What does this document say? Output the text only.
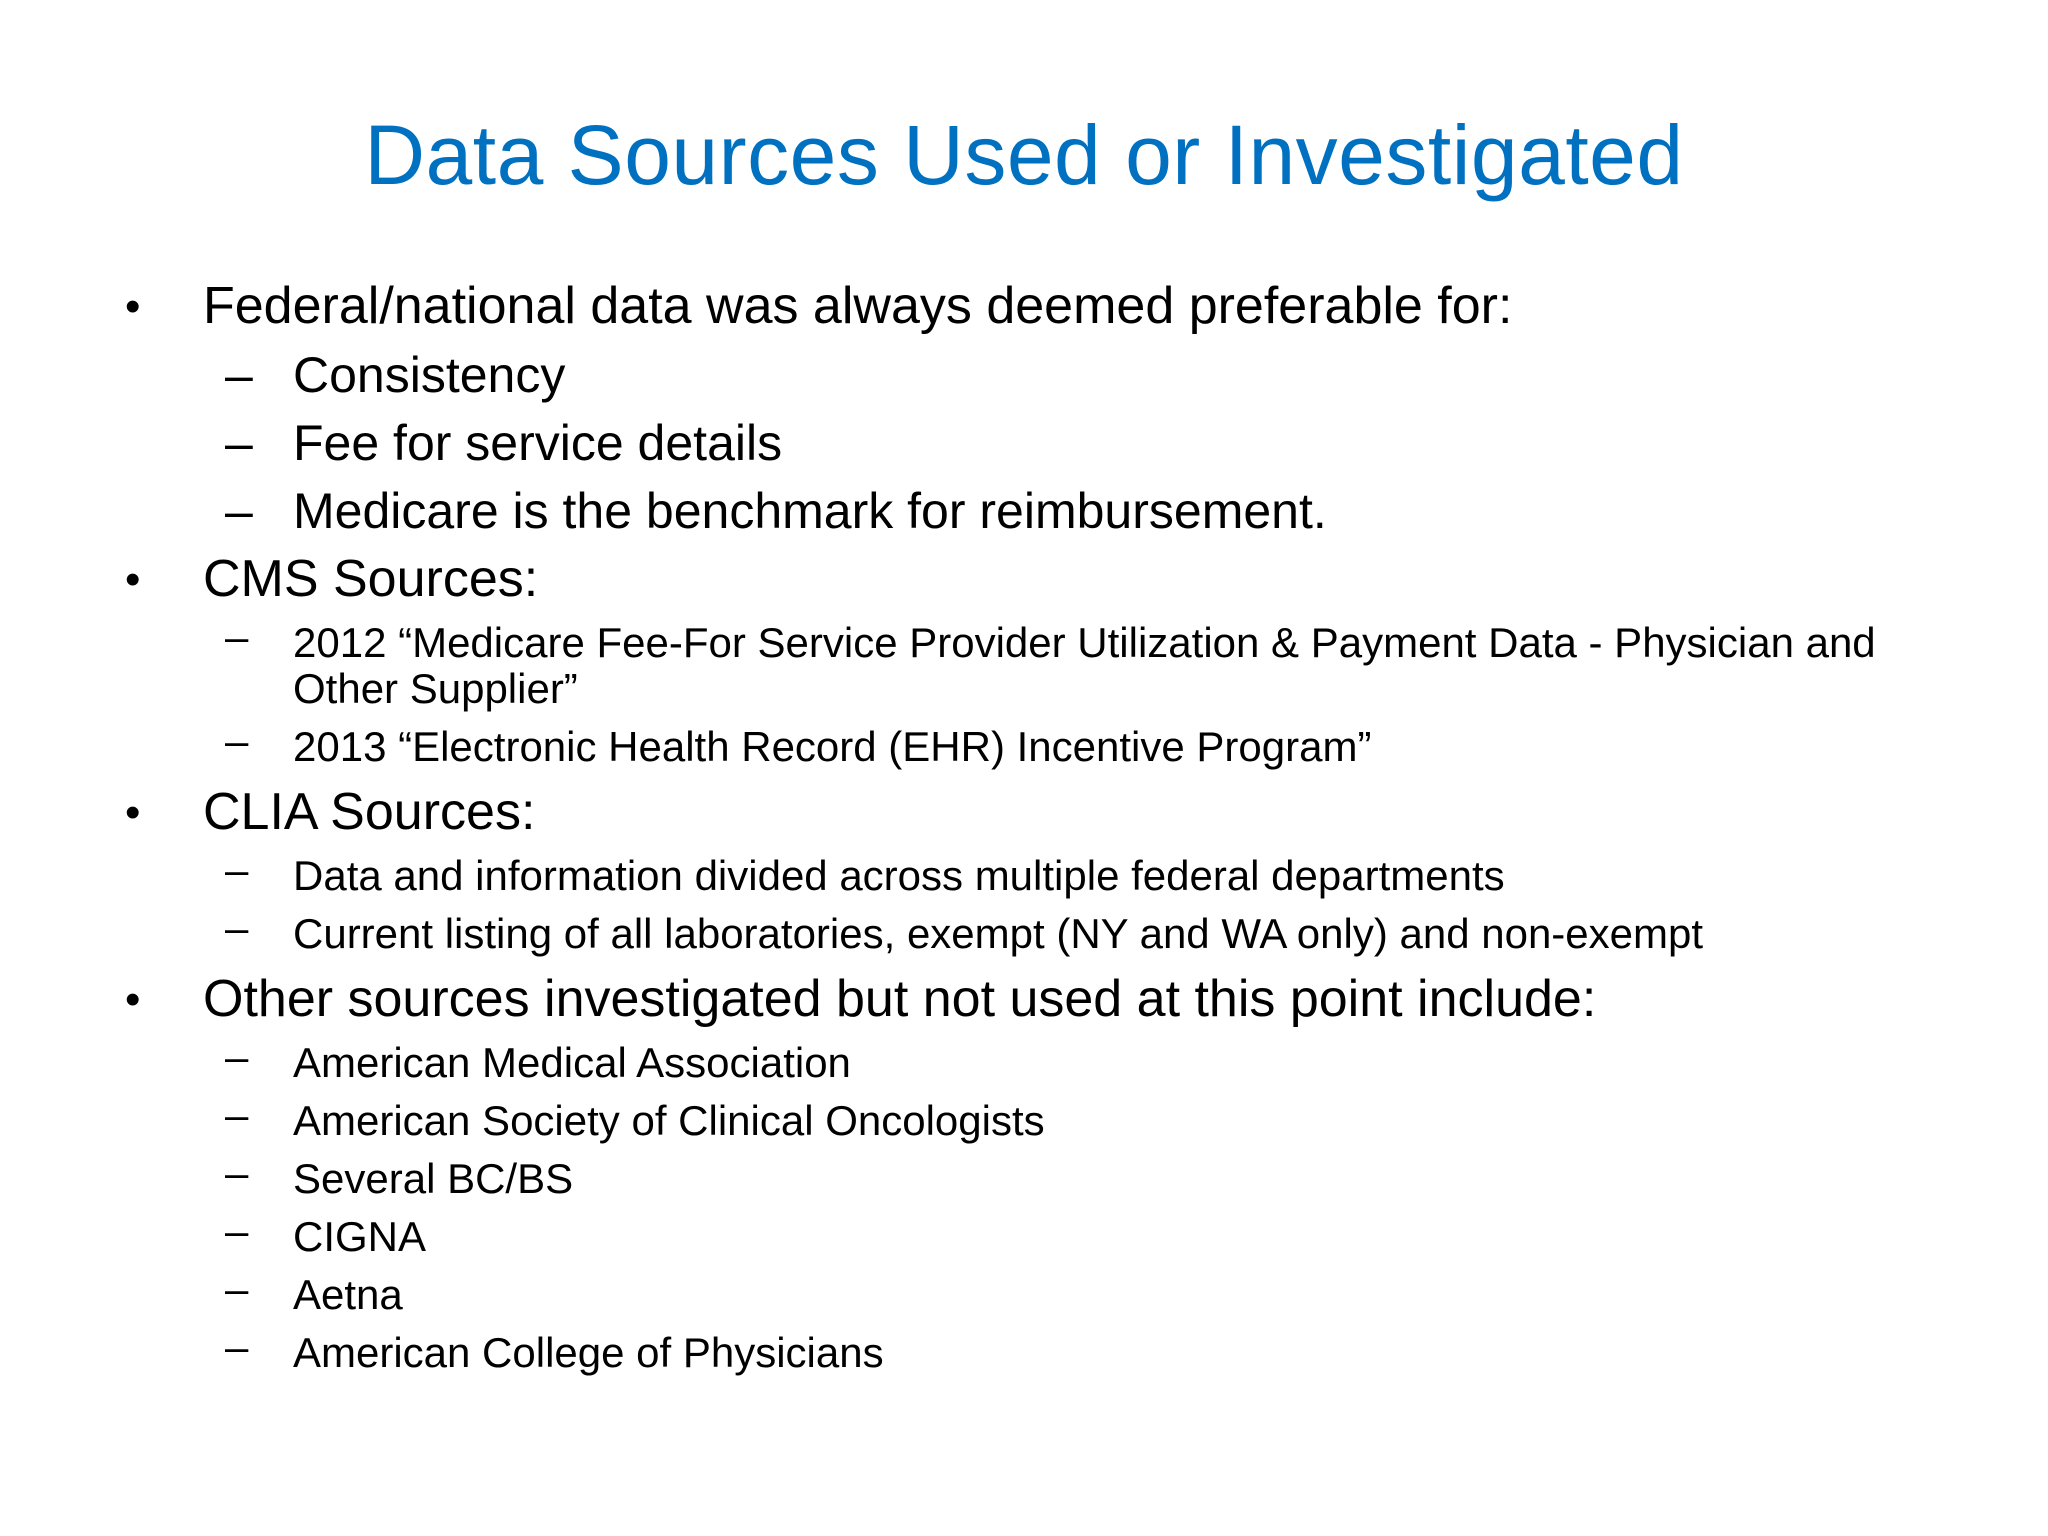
Data Sources Used or Investigated
• Federal/national data was always deemed preferable for:
– Consistency
– Fee for service details
– Medicare is the benchmark for reimbursement.
• CMS Sources:
–	2012 “Medicare Fee-For Service Provider Utilization & Payment Data - Physician and Other Supplier”
–	2013 “Electronic Health Record (EHR) Incentive Program”
• CLIA Sources:
–	Data and information divided across multiple federal departments
–	Current listing of all laboratories, exempt (NY and WA only) and non-exempt
• Other sources investigated but not used at this point include:
–	American Medical Association
–	American Society of Clinical Oncologists
–	Several BC/BS
–	CIGNA
–	Aetna
–	American College of Physicians
